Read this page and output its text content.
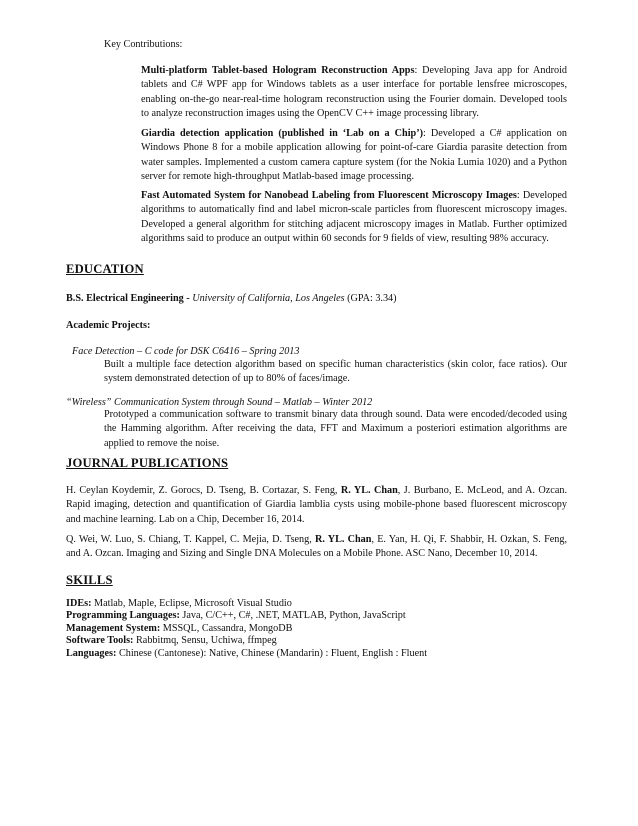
Key Contributions:

Multi-platform Tablet-based Hologram Reconstruction Apps: Developing Java app for Android tablets and C# WPF app for Windows tablets as a user interface for portable lensfree microscopes, enabling on-the-go near-real-time hologram reconstruction using the Fourier domain. Developed tools to analyze reconstruction images using the OpenCV C++ image processing library.

Giardia detection application (published in ‘Lab on a Chip’): Developed a C# application on Windows Phone 8 for a mobile application allowing for point-of-care Giardia parasite detection from water samples. Implemented a custom camera capture system (for the Nokia Lumia 1020) and a Python server for remote high-throughput Matlab-based image processing.

Fast Automated System for Nanobead Labeling from Fluorescent Microscopy Images: Developed algorithms to automatically find and label micron-scale particles from fluorescent microscopy images. Developed a general algorithm for stitching adjacent microscopy images in Matlab. Further optimized algorithms said to produce an output within 60 seconds for 9 fields of view, resulting 98% accuracy.

EDUCATION

B.S. Electrical Engineering - University of California, Los Angeles (GPA: 3.34)

Academic Projects:

Face Detection – C code for DSK C6416 – Spring 2013

Built a multiple face detection algorithm based on specific human characteristics (skin color, face ratios). Our system demonstrated detection of up to 80% of faces/image.

“Wireless” Communication System through Sound – Matlab – Winter 2012

Prototyped a communication software to transmit binary data through sound. Data were encoded/decoded using the Hamming algorithm. After receiving the data, FFT and Maximum a posteriori estimation algorithms are applied to remove the noise.

JOURNAL PUBLICATIONS

H. Ceylan Koydemir, Z. Gorocs, D. Tseng, B. Cortazar, S. Feng, R. YL. Chan, J. Burbano, E. McLeod, and A. Ozcan. Rapid imaging, detection and quantification of Giardia lamblia cysts using mobile-phone based fluorescent microscopy and machine learning. Lab on a Chip, December 16, 2014.

Q. Wei, W. Luo, S. Chiang, T. Kappel, C. Mejia, D. Tseng, R. YL. Chan, E. Yan, H. Qi, F. Shabbir, H. Ozkan, S. Feng, and A. Ozcan. Imaging and Sizing and Single DNA Molecules on a Mobile Phone. ASC Nano, December 10, 2014.

SKILLS

IDEs: Matlab, Maple, Eclipse, Microsoft Visual Studio

Programming Languages: Java, C/C++, C#, .NET, MATLAB, Python, JavaScript

Management System: MSSQL, Cassandra, MongoDB

Software Tools: Rabbitmq, Sensu, Uchiwa, ffmpeg

Languages: Chinese (Cantonese): Native, Chinese (Mandarin) : Fluent, English : Fluent
